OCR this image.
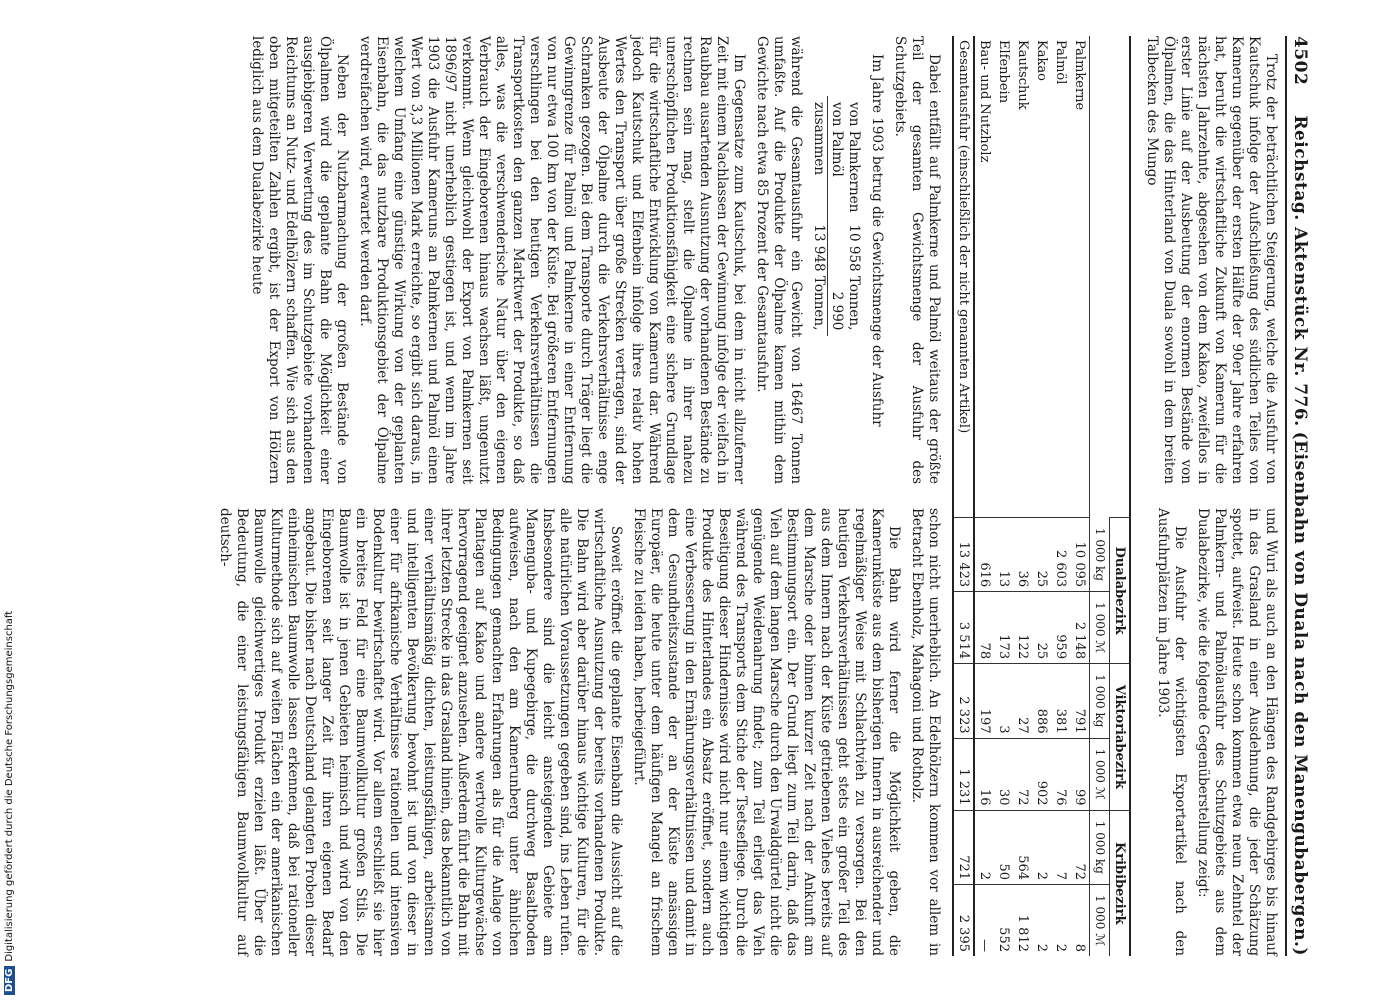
DFGDigitalisierung gefördert durch die Deutsche Forschungsgemeinschaft
4502
Reichstag. Aktenstück Nr. 776.
(Eisenbahn von Duala nach den Manengubabergen.)

Trotz der beträchtlichen Steigerung, welche die Ausfuhr von Kautschuk infolge der Aufschließung des südlichen Teiles von Kamerun gegenüber der ersten Hälfte der 90er Jahre erfahren hat, beruht die wirtschaftliche Zukunft von Kamerun für die nächsten Jahrzehnte, abgesehen von dem Kakao, zweifellos in erster Linie auf der Ausbeutung der enormen Bestände von Ölpalmen, die das Hinterland von Duala sowohl in dem breiten Talbecken des Mungo

und Wuri als auch an den Hängen des Randgebirges bis hinauf in das Grasland in einer Ausdehnung, die jeder Schätzung spottet, aufweist. Heute schon kommen etwa neun Zehntel der Palmkern- und Palmölausfuhr des Schutzgebiets aus dem Dualabezirke, wie die folgende Gegenüberstellung zeigt:

Die Ausfuhr der wichtigsten Exportartikel nach den Ausfuhrplätzen im Jahre 1903.

	Dualabezirk		Viktoriabezirk		Kribibezirk	
	1 000 kg	1 000 ℳ	1 000 kg	1 000 ℳ	1 000 kg	1 000 ℳ
Palmkerne	10 095	2 148	791	99	72	8
Palmöl	2 603	959	381	76	7	2
Kakao	25	25	886	902	2	2
Kautschuk	36	122	27	72	564	1 812
Elfenbein	13	173	3	30	50	552
Bau- und Nutzholz	616	78	197	16	2	—
Gesamtausfuhr (einschließlich der nicht genannten Artikel)	13 423	3 514	2 323	1 231	721	2 395

Dabei entfällt auf Palmkerne und Palmöl weitaus der größte Teil der gesamten Gewichtsmenge der Ausfuhr des Schutzgebiets.

Im Jahre 1903 betrug die Gewichtsmenge der Ausfuhr

von Palmkernen	10 958 Tonnen,
von Palmöl	2 990
zusammen	13 948 Tonnen,

während die Gesamtausfuhr ein Gewicht von 16467 Tonnen umfaßte. Auf die Produkte der Ölpalme kamen mithin dem Gewichte nach etwa 85 Prozent der Gesamtausfuhr.

Im Gegensatze zum Kautschuk, bei dem in nicht allzuferner Zeit mit einem Nachlassen der Gewinnung infolge der vielfach in Raubbau ausartenden Ausnutzung der vorhandenen Bestände zu rechnen sein mag, stellt die Ölpalme in ihrer nahezu unerschöpflichen Produktionsfähigkeit eine sichere Grundlage für die wirtschaftliche Entwicklung von Kamerun dar. Während jedoch Kautschuk und Elfenbein infolge ihres relativ hohen Wertes den Transport über große Strecken vertragen, sind der Ausbeute der Ölpalme durch die Verkehrsverhältnisse enge Schranken gezogen. Bei dem Transporte durch Träger liegt die Gewinngrenze für Palmöl und Palmkerne in einer Entfernung von nur etwa 100 km von der Küste. Bei größeren Entfernungen verschlingen bei den heutigen Verkehrsverhältnissen die Transportkosten den ganzen Marktwert der Produkte, so daß alles, was die verschwenderische Natur über den eigenen Verbrauch der Eingeborenen hinaus wachsen läßt, ungenutzt verkommt. Wenn gleichwohl der Export von Palmkernen seit 1896/97 nicht unerheblich gestiegen ist, und wenn im Jahre 1903 die Ausfuhr Kameruns an Palmkernen und Palmöl einen Wert von 3,3 Millionen Mark erreichte, so ergibt sich daraus, in welchem Umfang eine günstige Wirkung von der geplanten Eisenbahn, die das nutzbare Produktionsgebiet der Ölpalme verdreifachen wird, erwartet werden darf.

Neben der Nutzbarmachung der großen Bestände von Ölpalmen wird die geplante Bahn die Möglichkeit einer ausgiebigeren Verwertung des im Schutzgebiete vorhandenen Reichtums an Nutz- und Edelhölzern schaffen. Wie sich aus den oben mitgeteilten Zahlen ergibt, ist der Export von Hölzern lediglich aus dem Dualabezirke heute

schon nicht unerheblich. An Edelhölzern kommen vor allem in Betracht Ebenholz, Mahagoni und Rotholz.

Die Bahn wird ferner die Möglichkeit geben, die Kamerunküste aus dem bisherigen Innern in ausreichender und regelmäßiger Weise mit Schlachtvieh zu versorgen. Bei den heutigen Verkehrsverhältnissen geht stets ein großer Teil des aus dem Innern nach der Küste getriebenen Viehes bereits auf dem Marsche oder binnen kurzer Zeit nach der Ankunft am Bestimmungsort ein. Der Grund liegt zum Teil darin, daß das Vieh auf dem langen Marsche durch den Urwaldgürtel nicht die genügende Weidenahrung findet; zum Teil erliegt das Vieh während des Transports dem Stiche der Tsetsefliege. Durch die Beseitigung dieser Hindernisse wird nicht nur einem wichtigen Produkte des Hinterlandes ein Absatz eröffnet, sondern auch eine Verbesserung in den Ernährungsverhältnissen und damit in dem Gesundheitszustande der an der Küste ansässigen Europäer, die heute unter dem häufigen Mangel an frischem Fleische zu leiden haben, herbeigeführt.

Soweit eröffnet die geplante Eisenbahn die Aussicht auf die wirtschaftliche Ausnutzung der bereits vorhandenen Produkte. Die Bahn wird aber darüber hinaus wichtige Kulturen, für die alle natürlichen Voraussetzungen gegeben sind, ins Leben rufen. Insbesondere sind die leicht ansteigenden Gebiete am Manenguba- und Kupegebirge, die durchweg Basaltboden aufweisen, nach den am Kamerunberg unter ähnlichen Bedingungen gemachten Erfahrungen als für die Anlage von Plantagen auf Kakao und andere wertvolle Kulturgewächse hervorragend geeignet anzusehen. Außerdem führt die Bahn mit ihrer letzten Strecke in das Grasland hinein, das bekanntlich von einer verhältnismäßig dichten, leistungsfähigen, arbeitsamen und intelligenten Bevölkerung bewohnt ist und von dieser in einer für afrikanische Verhältnisse rationellen und intensiven Bodenkultur bewirtschaftet wird. Vor allem erschließt sie hier ein breites Feld für eine Baumwollkultur großen Stils. Die Baumwolle ist in jenen Gebieten heimisch und wird von den Eingeborenen seit langer Zeit für ihren eigenen Bedarf angebaut. Die bisher nach Deutschland gelangten Proben dieser einheimischen Baumwolle lassen erkennen, daß bei rationeller Kulturmethode sich auf weiten Flächen ein der amerikanischen Baumwolle gleichwertiges Produkt erzielen läßt. Über die Bedeutung, die einer leistungsfähigen Baumwollkultur auf deutsch-
